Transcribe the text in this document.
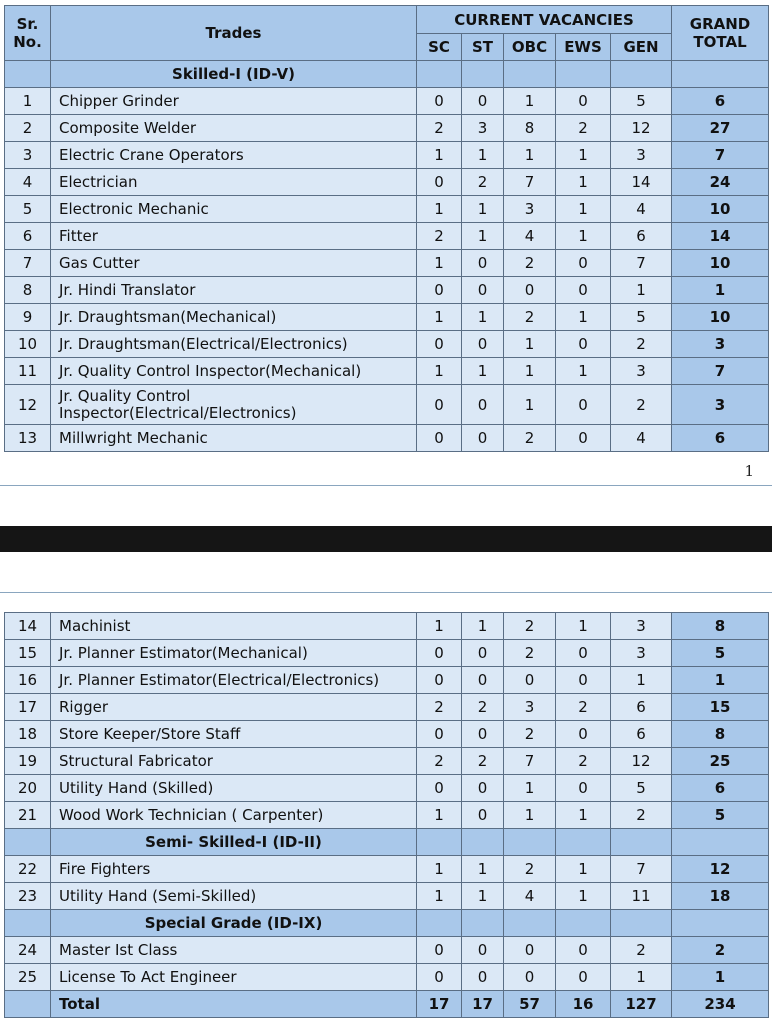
Sr. No.	Trades	CURRENT VACANCIES					GRAND TOTAL
		SC	ST	OBC	EWS	GEN	
	Skilled-I (ID-V)						
1	Chipper Grinder	0	0	1	0	5	6
2	Composite Welder	2	3	8	2	12	27
3	Electric Crane Operators	1	1	1	1	3	7
4	Electrician	0	2	7	1	14	24
5	Electronic Mechanic	1	1	3	1	4	10
6	Fitter	2	1	4	1	6	14
7	Gas Cutter	1	0	2	0	7	10
8	Jr. Hindi Translator	0	0	0	0	1	1
9	Jr. Draughtsman(Mechanical)	1	1	2	1	5	10
10	Jr. Draughtsman(Electrical/Electronics)	0	0	1	0	2	3
11	Jr. Quality Control Inspector(Mechanical)	1	1	1	1	3	7
12	Jr. Quality Control Inspector(Electrical/Electronics)	0	0	1	0	2	3
13	Millwright Mechanic	0	0	2	0	4	6
1
14	Machinist	1	1	2	1	3	8
15	Jr. Planner Estimator(Mechanical)	0	0	2	0	3	5
16	Jr. Planner Estimator(Electrical/Electronics)	0	0	0	0	1	1
17	Rigger	2	2	3	2	6	15
18	Store Keeper/Store Staff	0	0	2	0	6	8
19	Structural Fabricator	2	2	7	2	12	25
20	Utility Hand (Skilled)	0	0	1	0	5	6
21	Wood Work Technician ( Carpenter)	1	0	1	1	2	5
	Semi- Skilled-I (ID-II)						
22	Fire Fighters	1	1	2	1	7	12
23	Utility Hand (Semi-Skilled)	1	1	4	1	11	18
	Special Grade (ID-IX)						
24	Master Ist Class	0	0	0	0	2	2
25	License To Act Engineer	0	0	0	0	1	1
	Total	17	17	57	16	127	234
